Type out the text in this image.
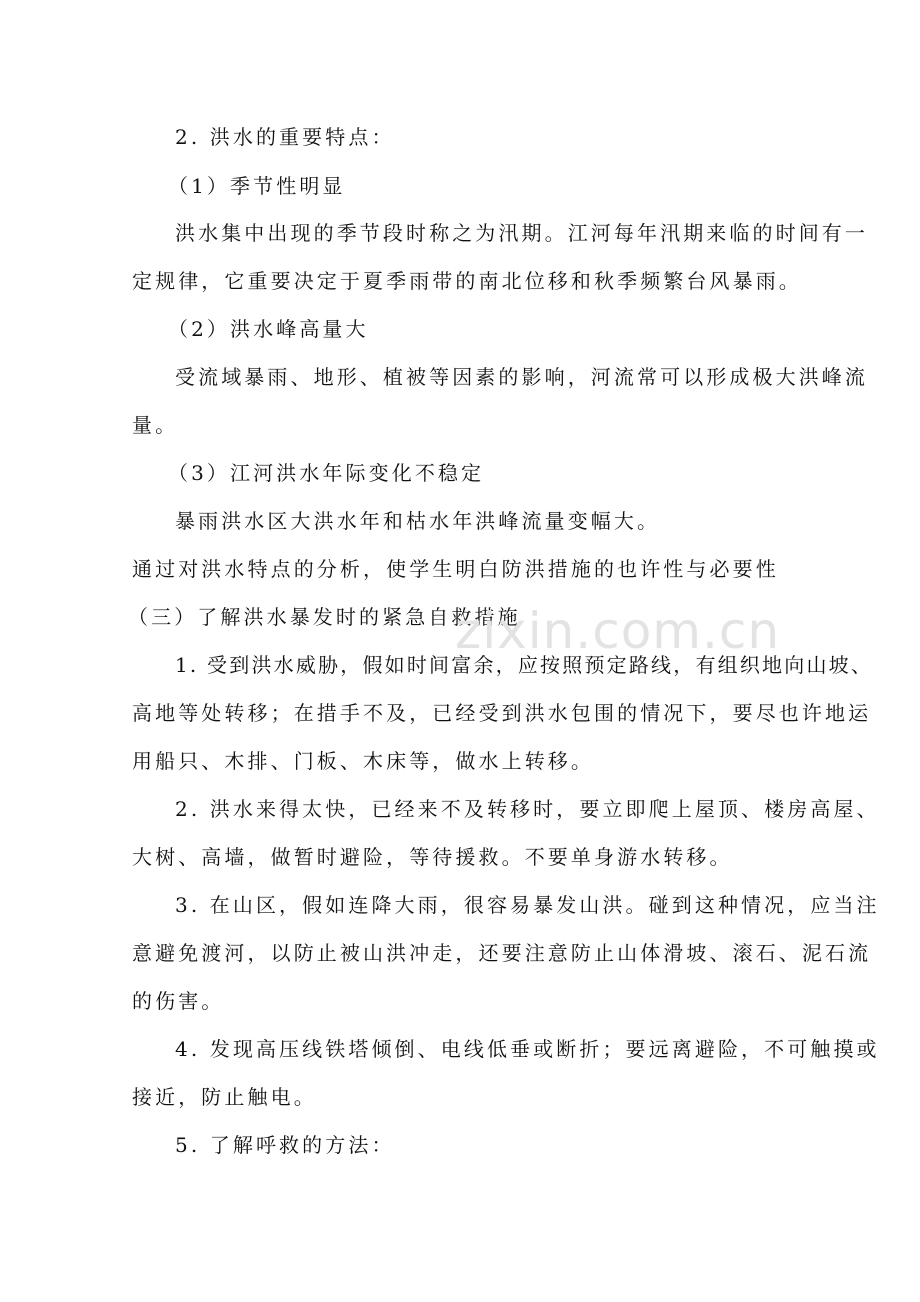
2. 洪水的重要特点：
（1）季节性明显
洪水集中出现的季节段时称之为汛期。江河每年汛期来临的时间有一
定规律，它重要决定于夏季雨带的南北位移和秋季频繁台风暴雨。
（2）洪水峰高量大
受流域暴雨、地形、植被等因素的影响，河流常可以形成极大洪峰流
量。
（3）江河洪水年际变化不稳定
暴雨洪水区大洪水年和枯水年洪峰流量变幅大。
通过对洪水特点的分析，使学生明白防洪措施的也许性与必要性
（三）了解洪水暴发时的紧急自救措施
zixin.com.cn
1. 受到洪水威胁，假如时间富余，应按照预定路线，有组织地向山坡、
高地等处转移；在措手不及，已经受到洪水包围的情况下，要尽也许地运
用船只、木排、门板、木床等，做水上转移。
2. 洪水来得太快，已经来不及转移时，要立即爬上屋顶、楼房高屋、
大树、高墙，做暂时避险，等待援救。不要单身游水转移。
3. 在山区，假如连降大雨，很容易暴发山洪。碰到这种情况，应当注
意避免渡河，以防止被山洪冲走，还要注意防止山体滑坡、滚石、泥石流
的伤害。
4. 发现高压线铁塔倾倒、电线低垂或断折；要远离避险，不可触摸或
接近，防止触电。
5. 了解呼救的方法：
